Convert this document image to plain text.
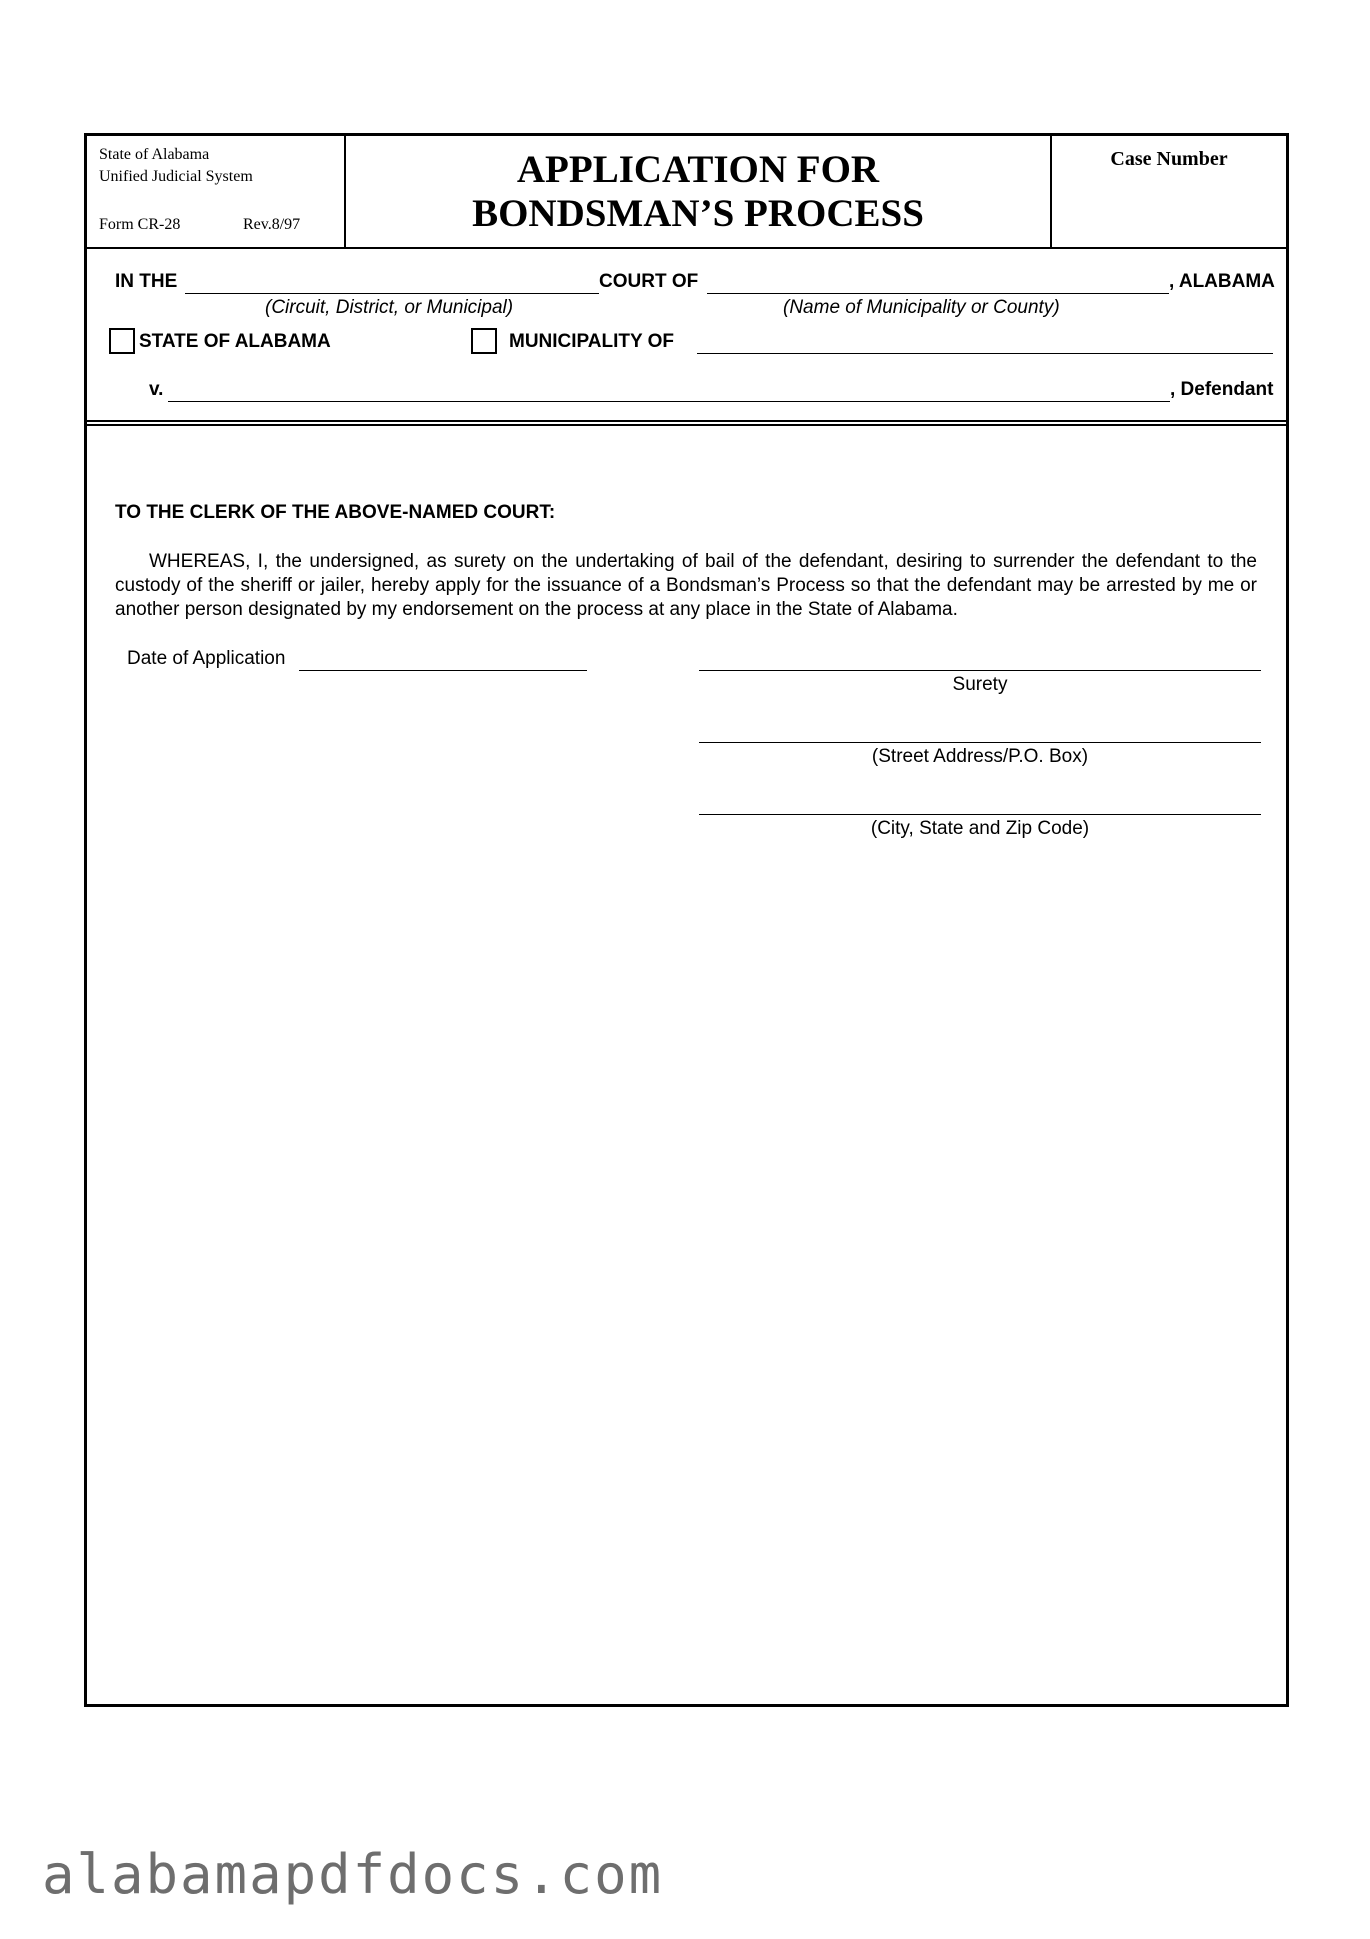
State of Alabama
Unified Judicial System
Form CR-28	Rev.8/97
APPLICATION FOR
BONDSMAN’S PROCESS
Case Number
IN THE	COURT OF	, ALABAMA
(Circuit, District, or Municipal)	(Name of Municipality or County)
STATE OF ALABAMA	MUNICIPALITY OF
v.	, Defendant
TO THE CLERK OF THE ABOVE-NAMED COURT:
WHEREAS, I, the undersigned, as surety on the undertaking of bail of the defendant, desiring to surrender the defendant to the custody of the sheriff or jailer, hereby apply for the issuance of a Bondsman’s Process so that the defendant may be arrested by me or another person designated by my endorsement on the process at any place in the State of Alabama.
Date of Application
Surety
(Street Address/P.O. Box)
(City, State and Zip Code)
alabamapdfdocs.com
